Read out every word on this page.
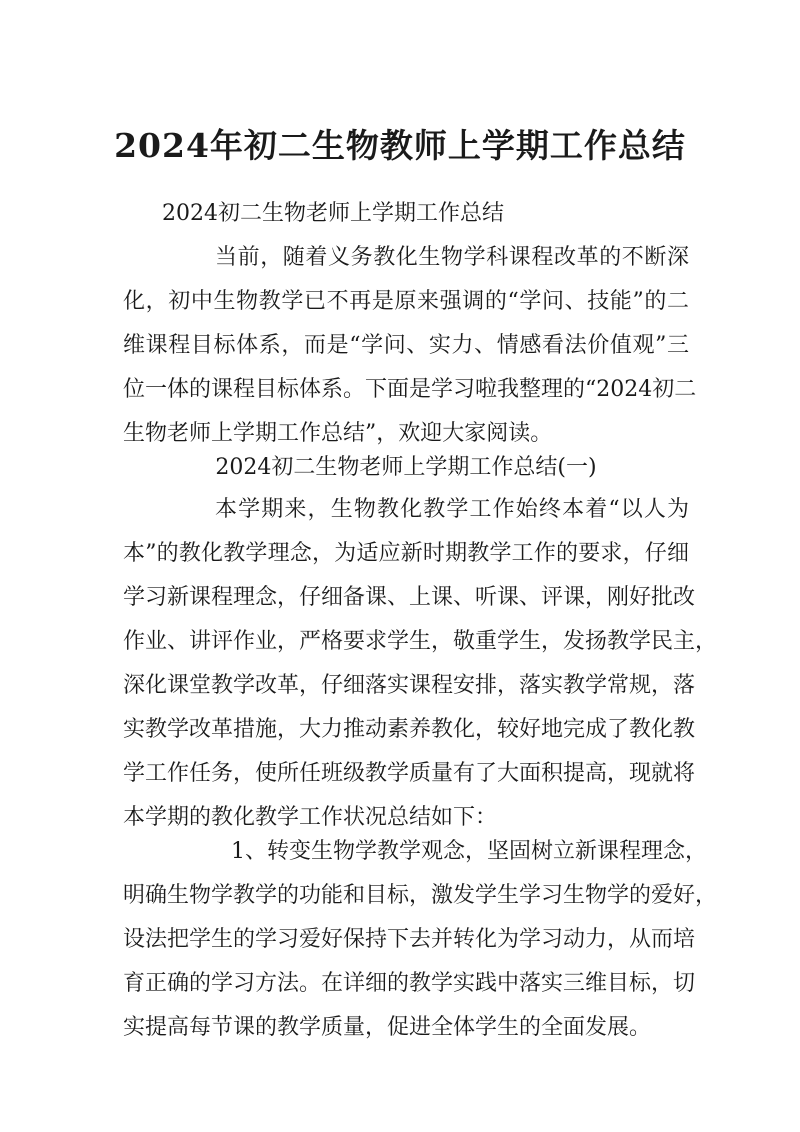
2024年初二生物教师上学期工作总结

2024初二生物老师上学期工作总结

当前，随着义务教化生物学科课程改革的不断深
化，初中生物教学已不再是原来强调的“学问、技能”的二
维课程目标体系，而是“学问、实力、情感看法价值观”三
位一体的课程目标体系。下面是学习啦我整理的“2024初二
生物老师上学期工作总结”，欢迎大家阅读。
2024初二生物老师上学期工作总结(一)
本学期来，生物教化教学工作始终本着“以人为
本”的教化教学理念，为适应新时期教学工作的要求，仔细
学习新课程理念，仔细备课、上课、听课、评课，刚好批改
作业、讲评作业，严格要求学生，敬重学生，发扬教学民主，
深化课堂教学改革，仔细落实课程安排，落实教学常规，落
实教学改革措施，大力推动素养教化，较好地完成了教化教
学工作任务，使所任班级教学质量有了大面积提高，现就将
本学期的教化教学工作状况总结如下：
1、转变生物学教学观念，坚固树立新课程理念，
明确生物学教学的功能和目标，激发学生学习生物学的爱好，
设法把学生的学习爱好保持下去并转化为学习动力，从而培
育正确的学习方法。在详细的教学实践中落实三维目标，切
实提高每节课的教学质量，促进全体学生的全面发展。
